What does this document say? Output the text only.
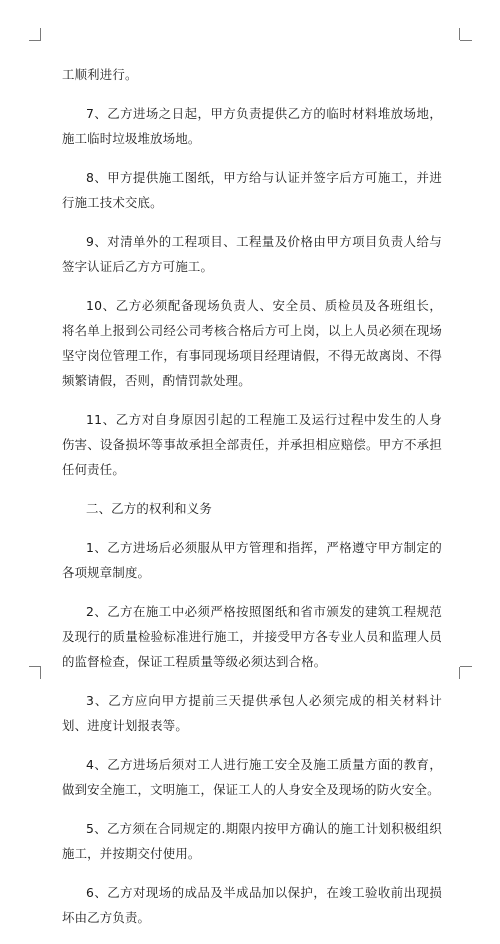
工顺利进行。

7、乙方进场之日起，甲方负责提供乙方的临时材料堆放场地，施工临时垃圾堆放场地。

8、甲方提供施工图纸，甲方给与认证并签字后方可施工，并进行施工技术交底。

9、对清单外的工程项目、工程量及价格由甲方项目负责人给与签字认证后乙方方可施工。

10、乙方必须配备现场负责人、安全员、质检员及各班组长，将名单上报到公司经公司考核合格后方可上岗，以上人员必须在现场坚守岗位管理工作，有事同现场项目经理请假，不得无故离岗、不得频繁请假，否则，酌情罚款处理。

11、乙方对自身原因引起的工程施工及运行过程中发生的人身伤害、设备损坏等事故承担全部责任，并承担相应赔偿。甲方不承担任何责任。

二、乙方的权利和义务

1、乙方进场后必须服从甲方管理和指挥，严格遵守甲方制定的各项规章制度。

2、乙方在施工中必须严格按照图纸和省市颁发的建筑工程规范及现行的质量检验标准进行施工，并接受甲方各专业人员和监理人员的监督检查，保证工程质量等级必须达到合格。

3、乙方应向甲方提前三天提供承包人必须完成的相关材料计划、进度计划报表等。

4、乙方进场后须对工人进行施工安全及施工质量方面的教育，做到安全施工，文明施工，保证工人的人身安全及现场的防火安全。

5、乙方须在合同规定的.期限内按甲方确认的施工计划积极组织施工，并按期交付使用。

6、乙方对现场的成品及半成品加以保护，在竣工验收前出现损坏由乙方负责。
